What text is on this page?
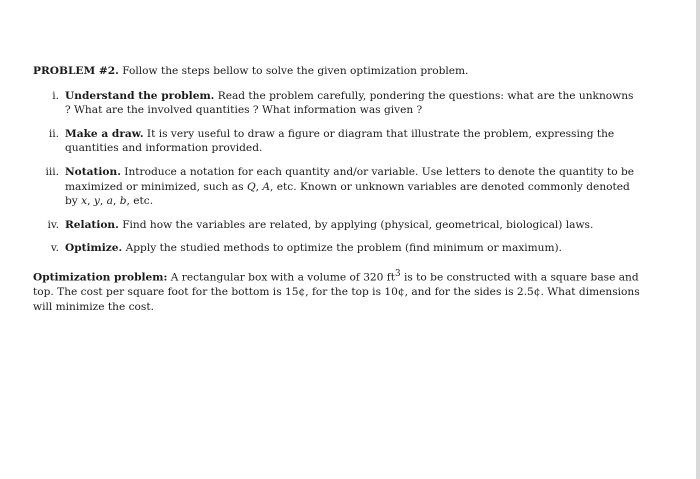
PROBLEM #2. Follow the steps bellow to solve the given optimization problem.

i. Understand the problem. Read the problem carefully, pondering the questions: what are the unknowns ? What are the involved quantities ? What information was given ?
ii. Make a draw. It is very useful to draw a figure or diagram that illustrate the problem, expressing the quantities and information provided.
iii. Notation. Introduce a notation for each quantity and/or variable. Use letters to denote the quantity to be maximized or minimized, such as Q, A, etc. Known or unknown variables are denoted commonly denoted by x, y, a, b, etc.
iv. Relation. Find how the variables are related, by applying (physical, geometrical, biological) laws.
v. Optimize. Apply the studied methods to optimize the problem (find minimum or maximum).

Optimization problem: A rectangular box with a volume of 320 $ft^3$ is to be constructed with a square base and top. The cost per square foot for the bottom is 15¢, for the top is 10¢, and for the sides is 2.5¢. What dimensions will minimize the cost.
